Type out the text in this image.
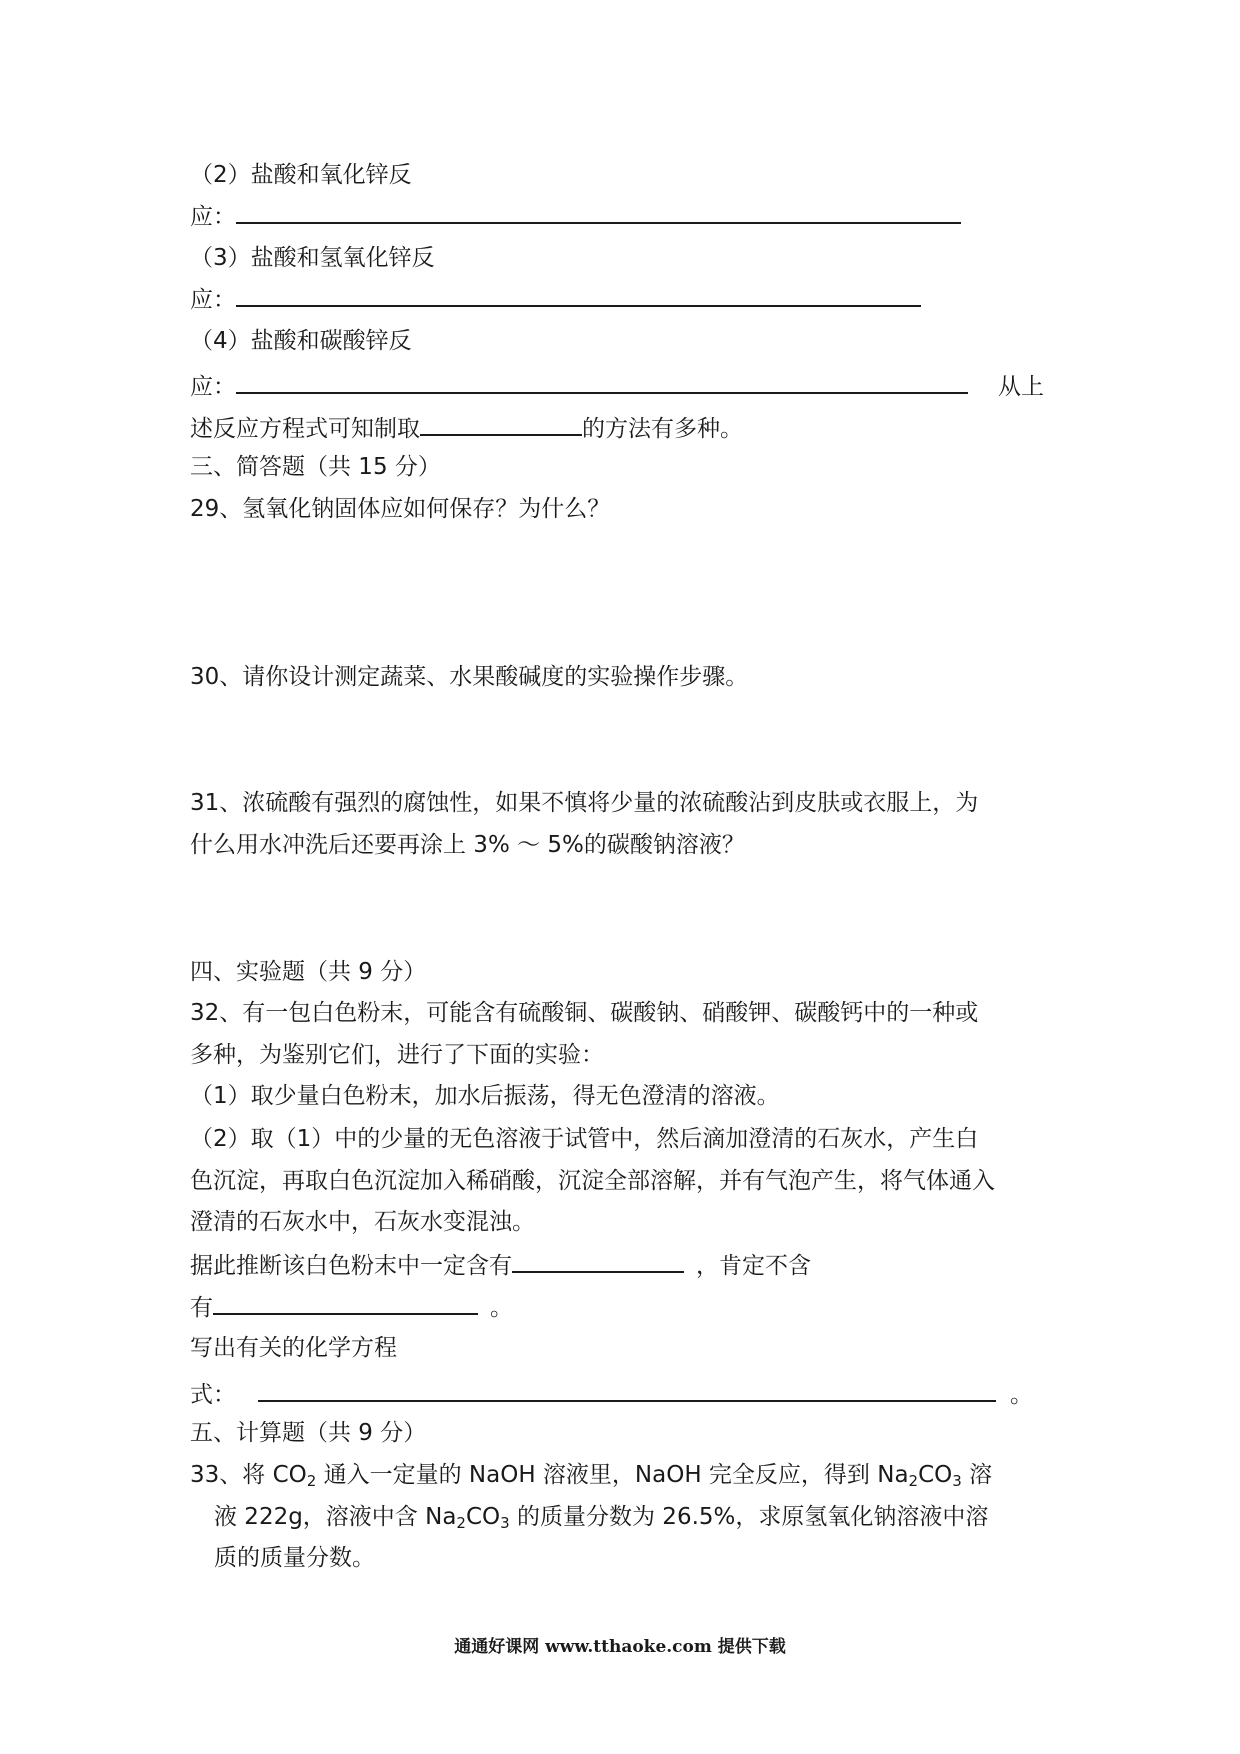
（2）盐酸和氧化锌反
应：
（3）盐酸和氢氧化锌反
应：
（4）盐酸和碳酸锌反
应：	从上
述反应方程式可知制取	的方法有多种。
三、简答题（共 15 分）
29、氢氧化钠固体应如何保存？为什么？
30、请你设计测定蔬菜、水果酸碱度的实验操作步骤。
31、浓硫酸有强烈的腐蚀性，如果不慎将少量的浓硫酸沾到皮肤或衣服上，为
什么用水冲洗后还要再涂上 3% ～ 5%的碳酸钠溶液？
四、实验题（共 9 分）
32、有一包白色粉末，可能含有硫酸铜、碳酸钠、硝酸钾、碳酸钙中的一种或
多种，为鉴别它们，进行了下面的实验：
（1）取少量白色粉末，加水后振荡，得无色澄清的溶液。
（2）取（1）中的少量的无色溶液于试管中，然后滴加澄清的石灰水，产生白
色沉淀，再取白色沉淀加入稀硝酸，沉淀全部溶解，并有气泡产生，将气体通入
澄清的石灰水中，石灰水变混浊。
据此推断该白色粉末中一定含有	，肯定不含
有	。
写出有关的化学方程
式：	。
五、计算题（共 9 分）
33、将 $CO_2$ 通入一定量的 NaOH 溶液里，NaOH 完全反应，得到 $Na_2CO_3$ 溶
液 222g，溶液中含 $Na_2CO_3$ 的质量分数为 26.5%，求原氢氧化钠溶液中溶
质的质量分数。
通通好课网 www.tthaoke.com 提供下载
